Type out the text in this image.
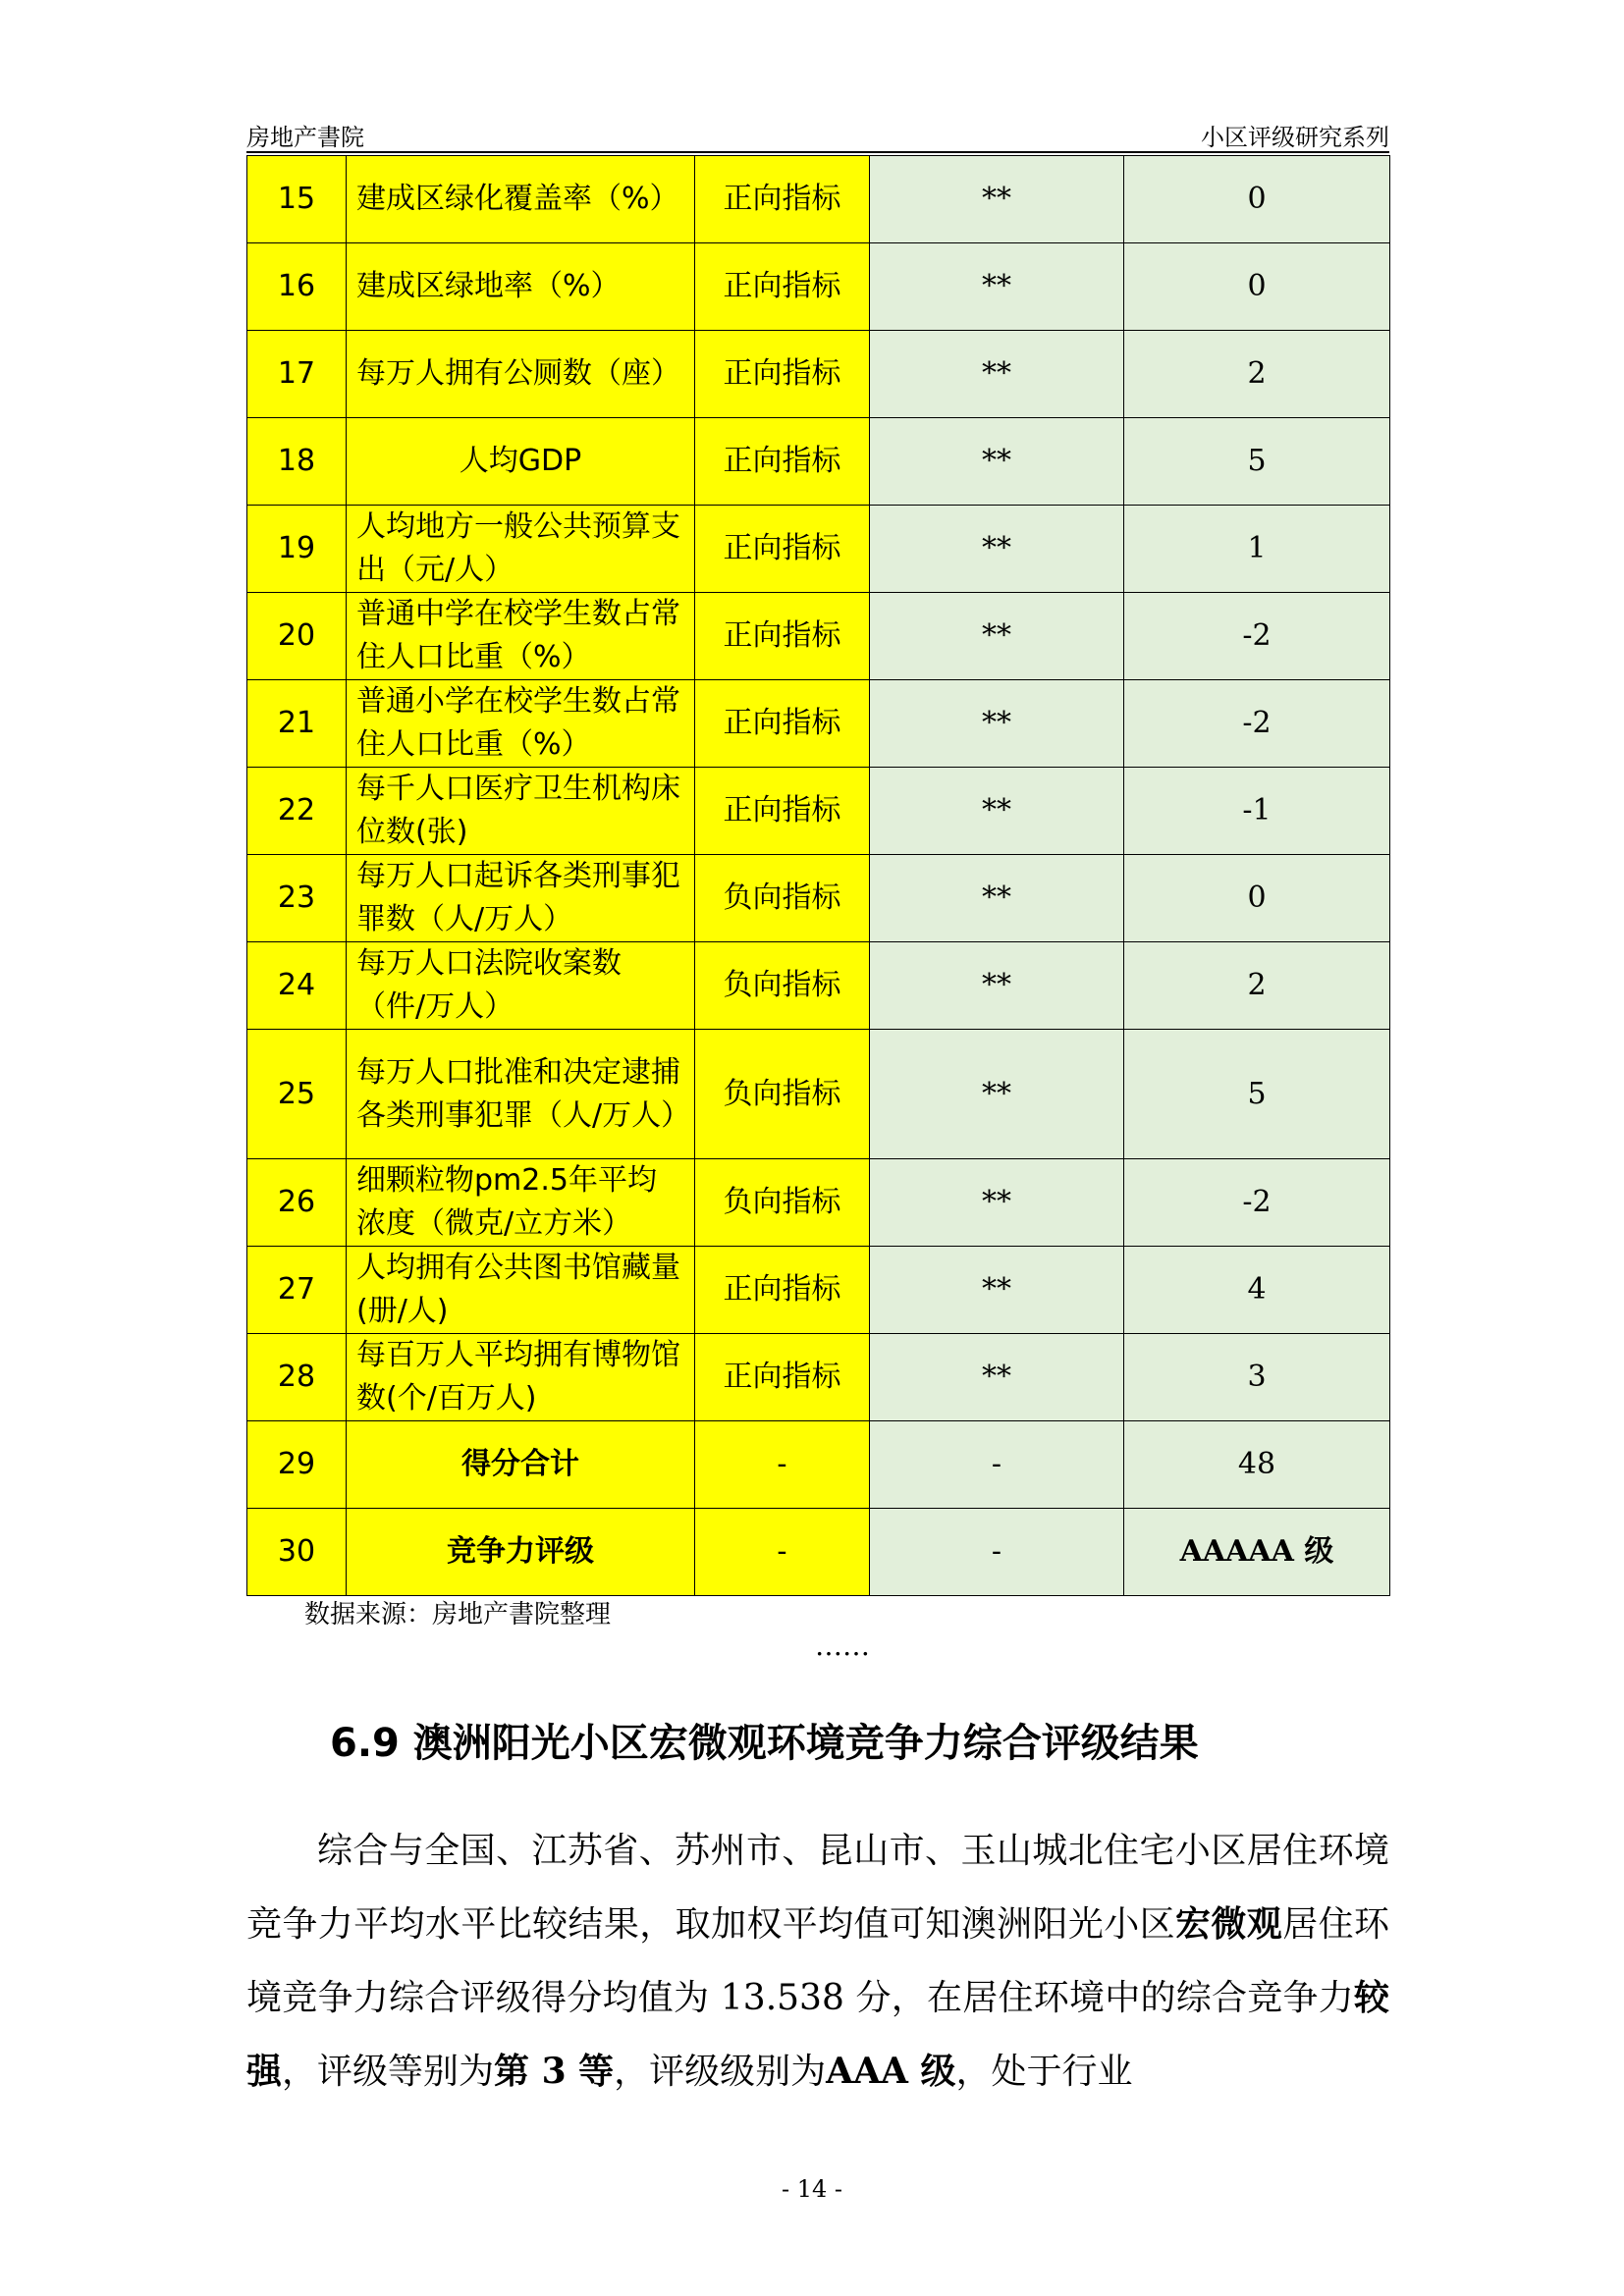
房地产書院	小区评级研究系列
15	建成区绿化覆盖率（%）	正向指标	**	0
16	建成区绿地率（%）	正向指标	**	0
17	每万人拥有公厕数（座）	正向指标	**	2
18	人均GDP	正向指标	**	5
19	人均地方一般公共预算支出（元/人）	正向指标	**	1
20	普通中学在校学生数占常住人口比重（%）	正向指标	**	-2
21	普通小学在校学生数占常住人口比重（%）	正向指标	**	-2
22	每千人口医疗卫生机构床位数(张)	正向指标	**	-1
23	每万人口起诉各类刑事犯罪数（人/万人）	负向指标	**	0
24	每万人口法院收案数（件/万人）	负向指标	**	2
25	每万人口批准和决定逮捕各类刑事犯罪（人/万人）	负向指标	**	5
26	细颗粒物pm2.5年平均浓度（微克/立方米）	负向指标	**	-2
27	人均拥有公共图书馆藏量(册/人)	正向指标	**	4
28	每百万人平均拥有博物馆数(个/百万人)	正向指标	**	3
29	得分合计	-	-	48
30	竞争力评级	-	-	AAAAA 级
数据来源：房地产書院整理
……
6.9 澳洲阳光小区宏微观环境竞争力综合评级结果
综合与全国、江苏省、苏州市、昆山市、玉山城北住宅小区居住环境竞争力平均水平比较结果，取加权平均值可知澳洲阳光小区宏微观居住环境竞争力综合评级得分均值为 13.538 分，在居住环境中的综合竞争力较强，评级等别为第 3 等，评级级别为AAA 级，处于行业
- 14 -
